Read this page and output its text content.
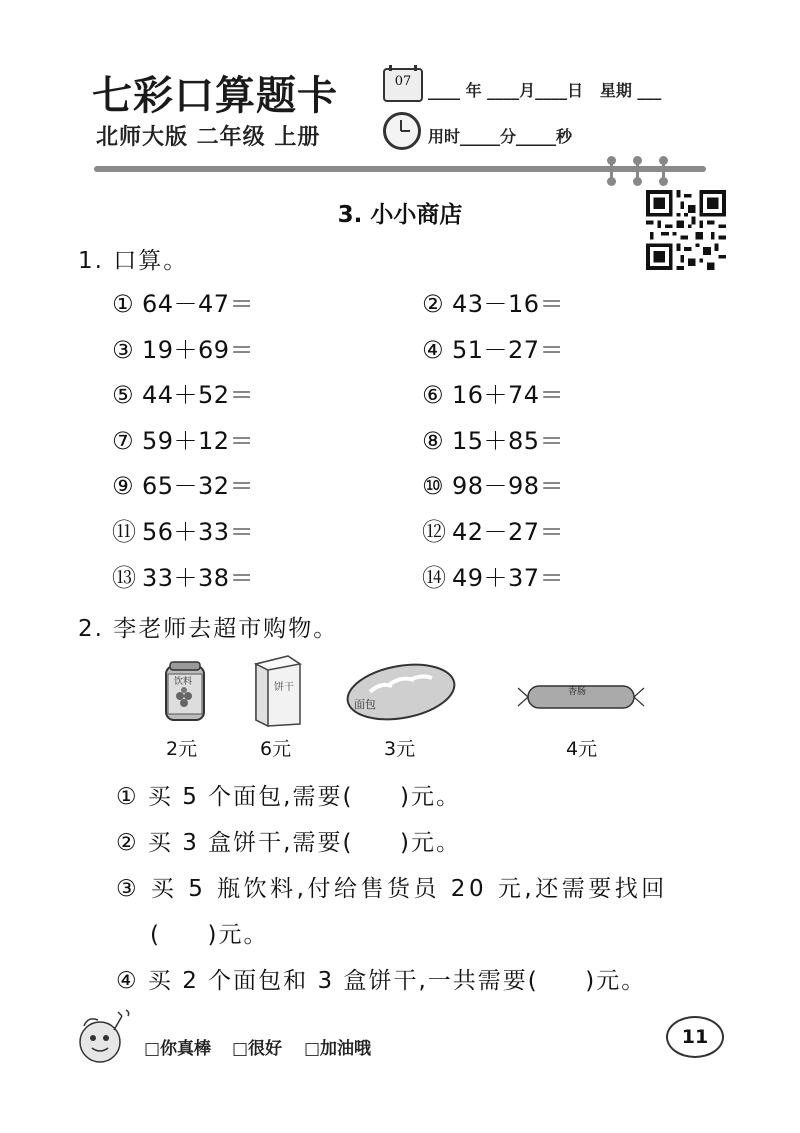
七彩口算题卡
北师大版 二年级 上册
07	____ 年 ____月____日   星期 ___
用时_____分_____秒
3. 小小商店
1. 口算。
① 64－47＝	② 43－16＝
③ 19＋69＝	④ 51－27＝
⑤ 44＋52＝	⑥ 16＋74＝
⑦ 59＋12＝	⑧ 15＋85＝
⑨ 65－32＝	⑩ 98－98＝
⑪ 56＋33＝	⑫ 42－27＝
⑬ 33＋38＝	⑭ 49＋37＝
2. 李老师去超市购物。
饮料	饼干
面包
香肠
2元	6元	3元	4元
① 买 5 个面包,需要(     )元。
② 买 3 盒饼干,需要(     )元。
③ 买 5 瓶饮料,付给售货员 20 元,还需要找回
(     )元。
④ 买 2 个面包和 3 盒饼干,一共需要(     )元。
□你真棒 □很好 □加油哦
11
